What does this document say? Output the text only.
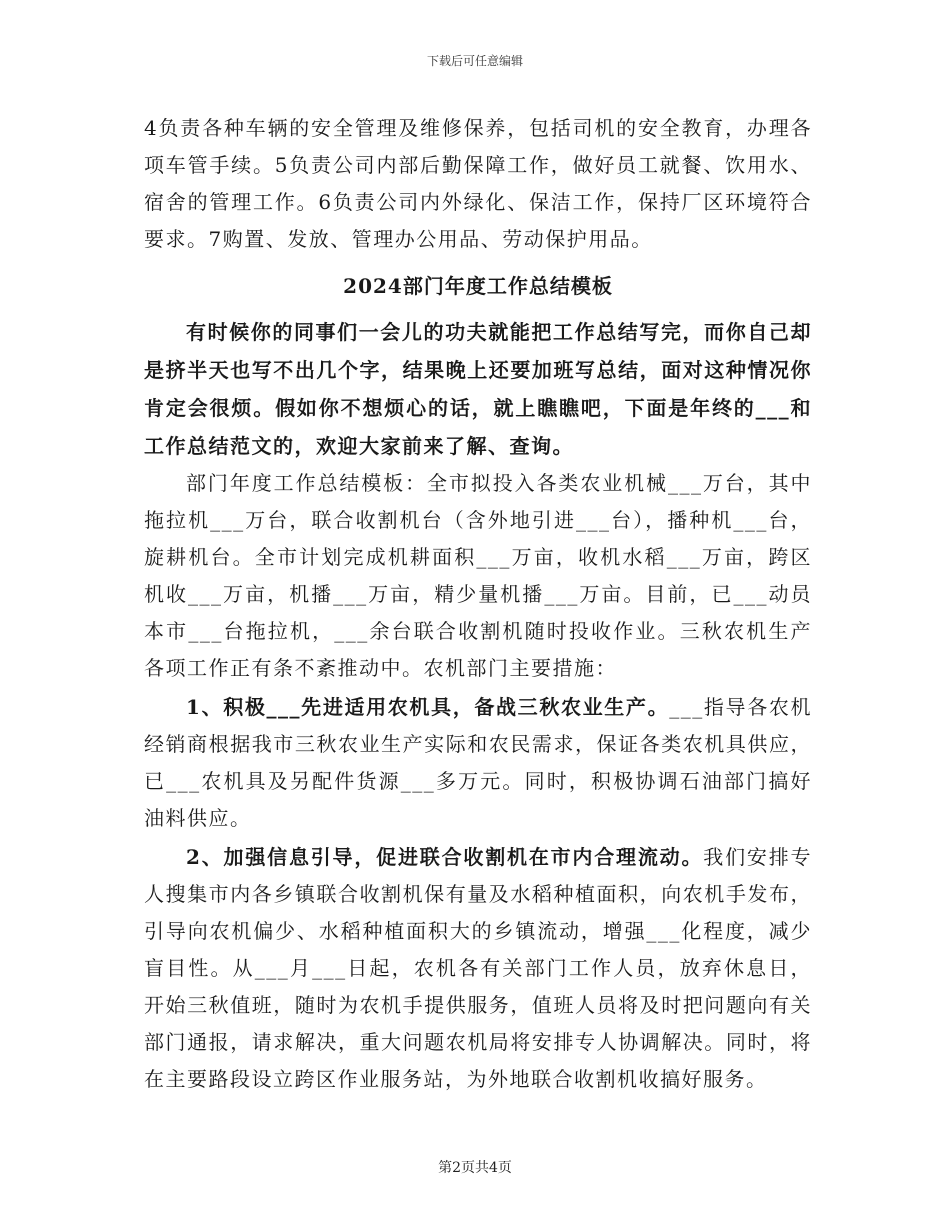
下载后可任意编辑

4负责各种车辆的安全管理及维修保养，包括司机的安全教育，办理各项车管手续。5负责公司内部后勤保障工作，做好员工就餐、饮用水、宿舍的管理工作。6负责公司内外绿化、保洁工作，保持厂区环境符合要求。7购置、发放、管理办公用品、劳动保护用品。

2024部门年度工作总结模板

有时候你的同事们一会儿的功夫就能把工作总结写完，而你自己却是挤半天也写不出几个字，结果晚上还要加班写总结，面对这种情况你肯定会很烦。假如你不想烦心的话，就上瞧瞧吧，下面是年终的___和工作总结范文的，欢迎大家前来了解、查询。

部门年度工作总结模板：全市拟投入各类农业机械___万台，其中拖拉机___万台，联合收割机台（含外地引进___台），播种机___台，旋耕机台。全市计划完成机耕面积___万亩，收机水稻___万亩，跨区机收___万亩，机播___万亩，精少量机播___万亩。目前，已___动员本市___台拖拉机，___余台联合收割机随时投收作业。三秋农机生产各项工作正有条不紊推动中。农机部门主要措施：

1、积极___先进适用农机具，备战三秋农业生产。___指导各农机经销商根据我市三秋农业生产实际和农民需求，保证各类农机具供应，已___农机具及另配件货源___多万元。同时，积极协调石油部门搞好油料供应。

2、加强信息引导，促进联合收割机在市内合理流动。我们安排专人搜集市内各乡镇联合收割机保有量及水稻种植面积，向农机手发布，引导向农机偏少、水稻种植面积大的乡镇流动，增强___化程度，减少盲目性。从___月___日起，农机各有关部门工作人员，放弃休息日，开始三秋值班，随时为农机手提供服务，值班人员将及时把问题向有关部门通报，请求解决，重大问题农机局将安排专人协调解决。同时，将在主要路段设立跨区作业服务站，为外地联合收割机收搞好服务。

第2页共4页
